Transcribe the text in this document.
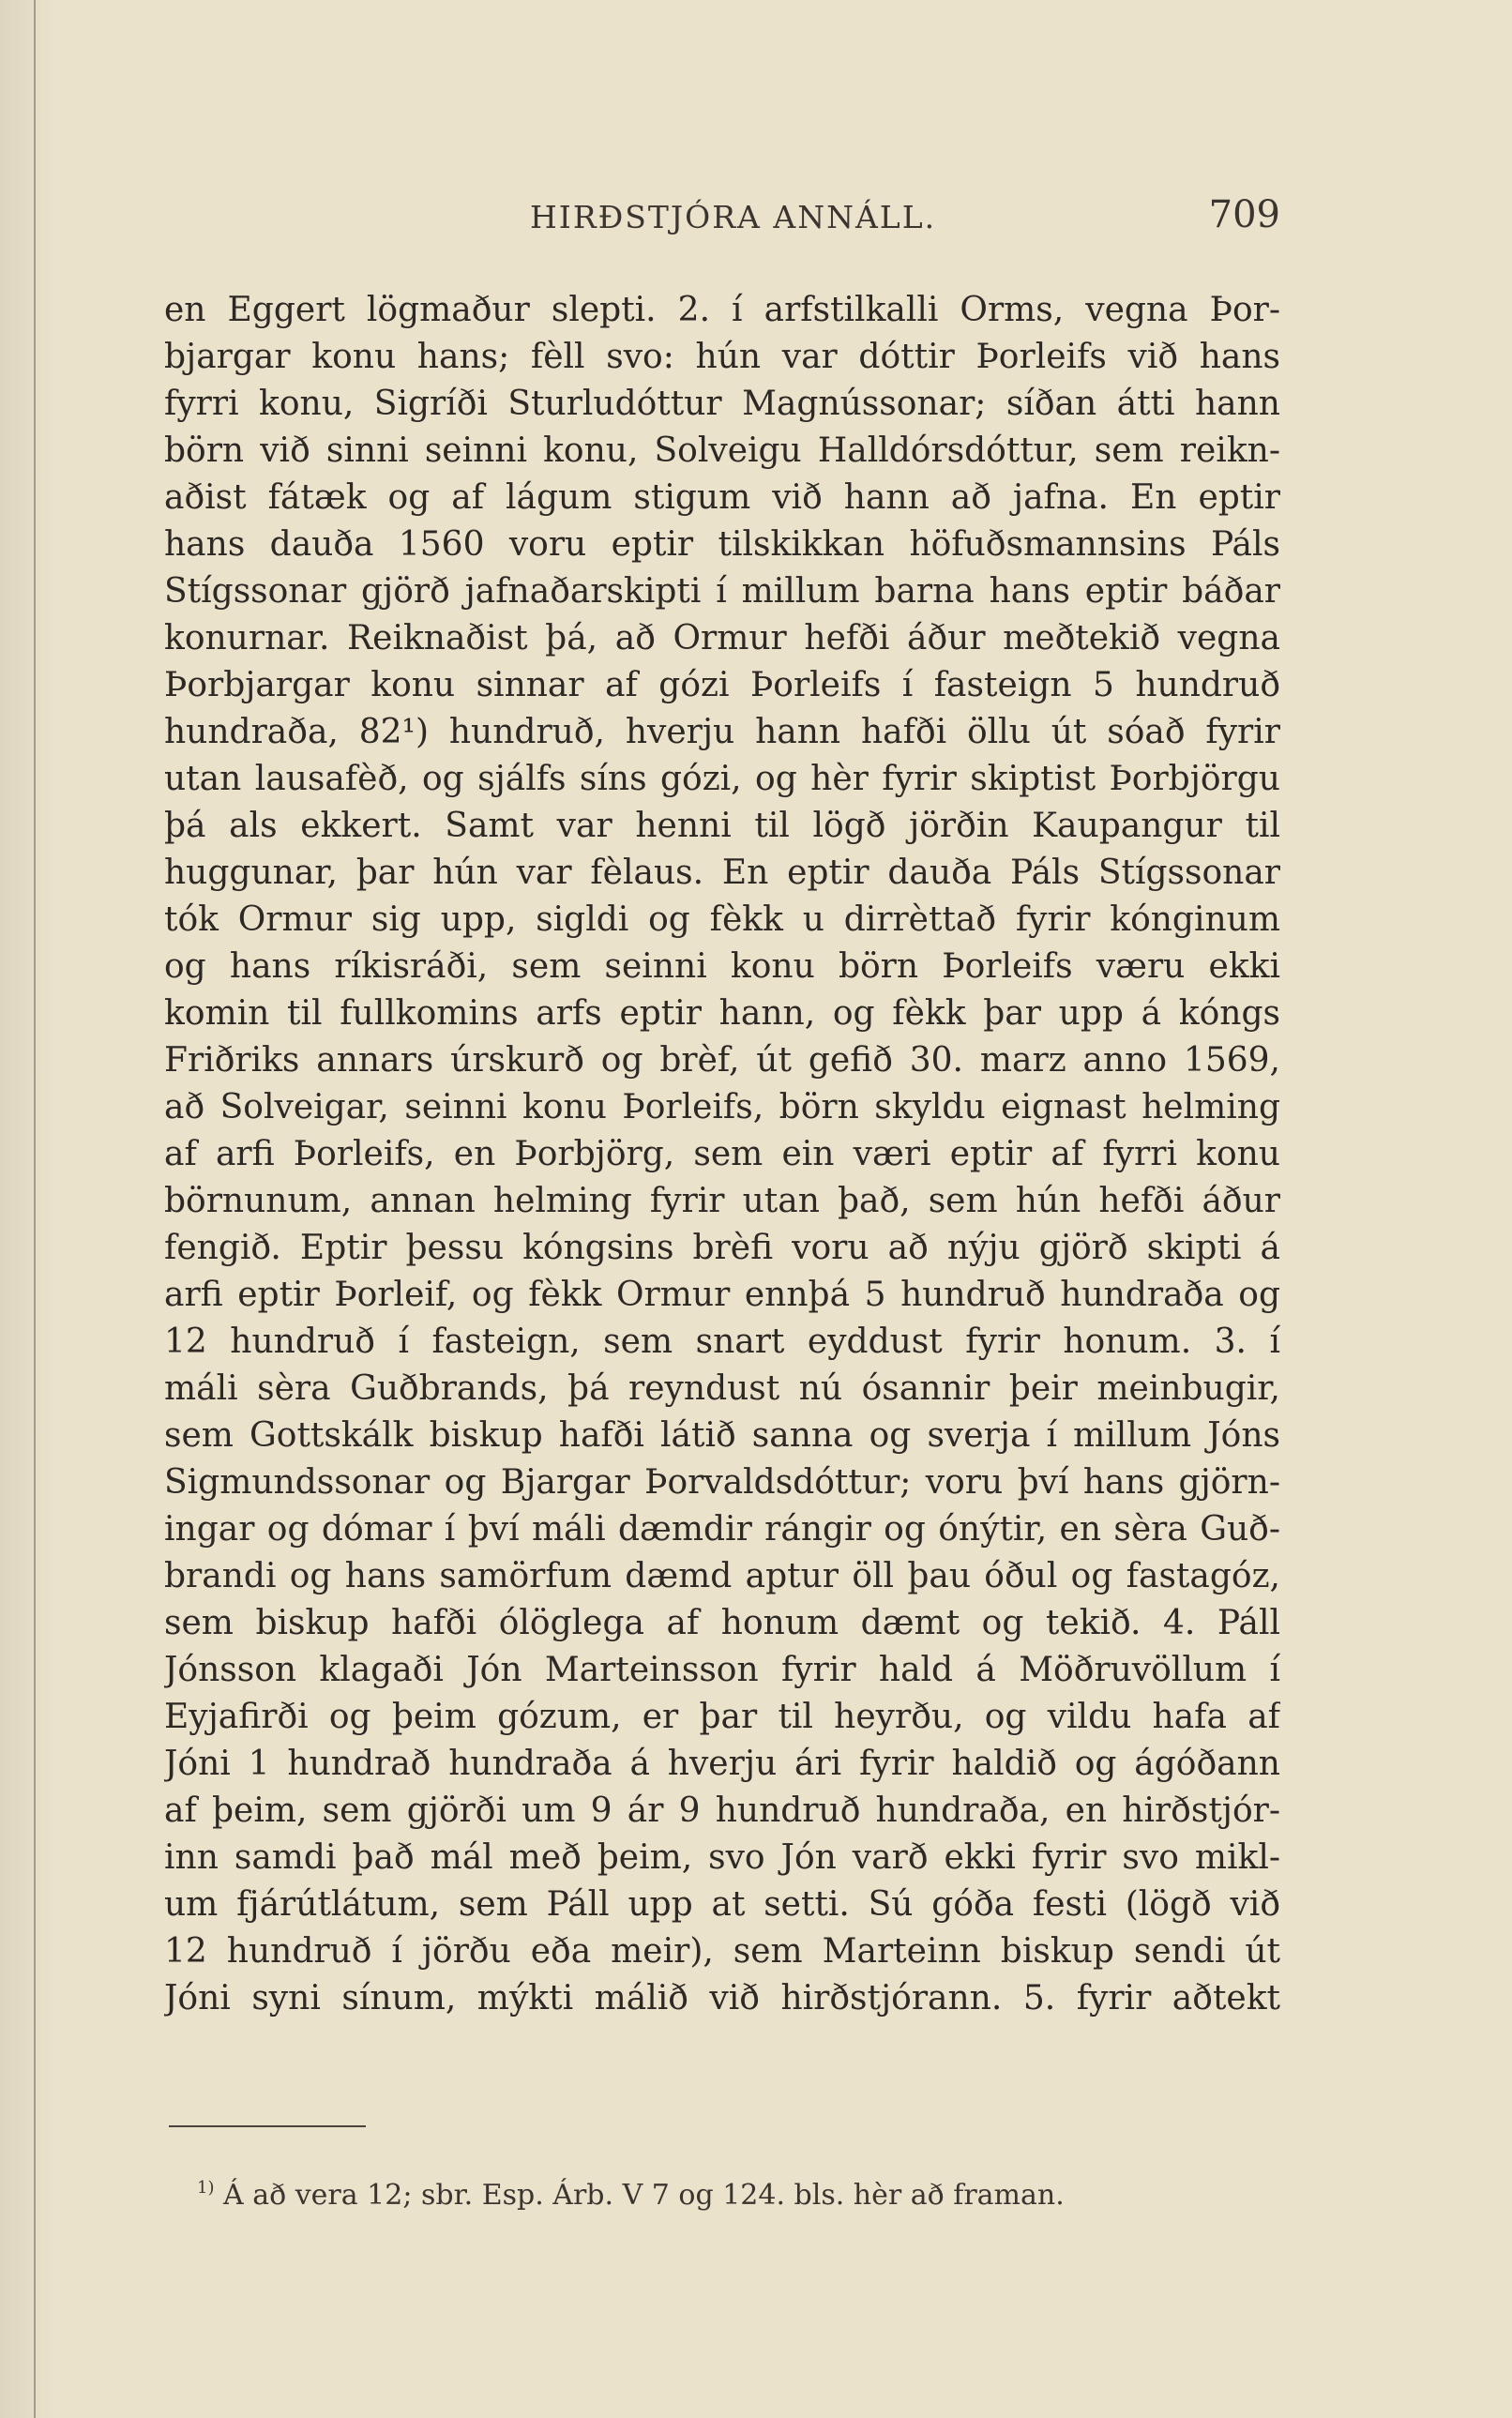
HIRÐSTJÓRA ANNÁLL.	709
en Eggert lögmaður slepti. 2. í arfstilkalli Orms, vegna Þor-
bjargar konu hans; fèll svo: hún var dóttir Þorleifs við hans
fyrri konu, Sigríði Sturludóttur Magnússonar; síðan átti hann
börn við sinni seinni konu, Solveigu Halldórsdóttur, sem reikn-
aðist fátæk og af lágum stigum við hann að jafna. En eptir
hans dauða 1560 voru eptir tilskikkan höfuðsmannsins Páls
Stígssonar gjörð jafnaðarskipti í millum barna hans eptir báðar
konurnar. Reiknaðist þá, að Ormur hefði áður meðtekið vegna
Þorbjargar konu sinnar af gózi Þorleifs í fasteign 5 hundruð
hundraða, 82¹) hundruð, hverju hann hafði öllu út sóað fyrir
utan lausafèð, og sjálfs síns gózi, og hèr fyrir skiptist Þorbjörgu
þá als ekkert. Samt var henni til lögð jörðin Kaupangur til
huggunar, þar hún var fèlaus. En eptir dauða Páls Stígssonar
tók Ormur sig upp, sigldi og fèkk u dirrèttað fyrir kónginum
og hans ríkisráði, sem seinni konu börn Þorleifs væru ekki
komin til fullkomins arfs eptir hann, og fèkk þar upp á kóngs
Friðriks annars úrskurð og brèf, út gefið 30. marz anno 1569,
að Solveigar, seinni konu Þorleifs, börn skyldu eignast helming
af arfi Þorleifs, en Þorbjörg, sem ein væri eptir af fyrri konu
börnunum, annan helming fyrir utan það, sem hún hefði áður
fengið. Eptir þessu kóngsins brèfi voru að nýju gjörð skipti á
arfi eptir Þorleif, og fèkk Ormur ennþá 5 hundruð hundraða og
12 hundruð í fasteign, sem snart eyddust fyrir honum. 3. í
máli sèra Guðbrands, þá reyndust nú ósannir þeir meinbugir,
sem Gottskálk biskup hafði látið sanna og sverja í millum Jóns
Sigmundssonar og Bjargar Þorvaldsdóttur; voru því hans gjörn-
ingar og dómar í því máli dæmdir rángir og ónýtir, en sèra Guð-
brandi og hans samörfum dæmd aptur öll þau óðul og fastagóz,
sem biskup hafði ólöglega af honum dæmt og tekið. 4. Páll
Jónsson klagaði Jón Marteinsson fyrir hald á Möðruvöllum í
Eyjafirði og þeim gózum, er þar til heyrðu, og vildu hafa af
Jóni 1 hundrað hundraða á hverju ári fyrir haldið og ágóðann
af þeim, sem gjörði um 9 ár 9 hundruð hundraða, en hirðstjór-
inn samdi það mál með þeim, svo Jón varð ekki fyrir svo mikl-
um fjárútlátum, sem Páll upp at setti. Sú góða festi (lögð við
12 hundruð í jörðu eða meir), sem Marteinn biskup sendi út
Jóni syni sínum, mýkti málið við hirðstjórann. 5. fyrir aðtekt
$^{1)}$ Á að vera 12; sbr. Esp. Árb. V 7 og 124. bls. hèr að framan.
